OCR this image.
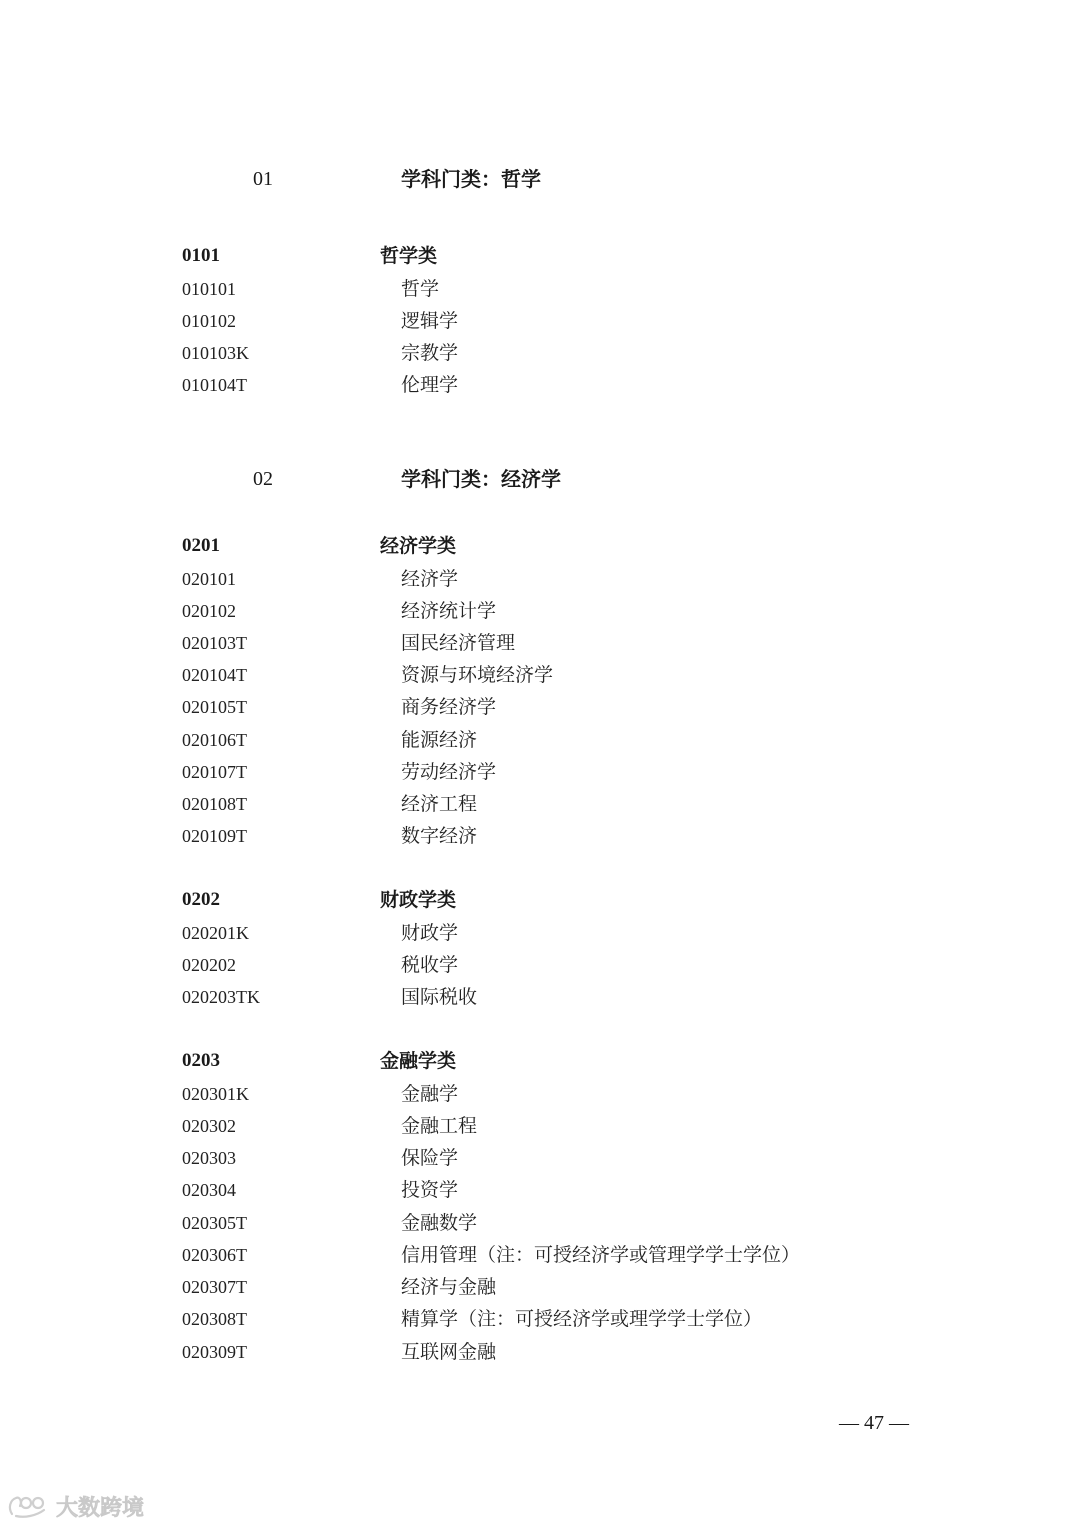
01	学科门类：哲学
0101	哲学类
010101	哲学
010102	逻辑学
010103K	宗教学
010104T	伦理学
02	学科门类：经济学
0201	经济学类
020101	经济学
020102	经济统计学
020103T	国民经济管理
020104T	资源与环境经济学
020105T	商务经济学
020106T	能源经济
020107T	劳动经济学
020108T	经济工程
020109T	数字经济
0202	财政学类
020201K	财政学
020202	税收学
020203TK	国际税收
0203	金融学类
020301K	金融学
020302	金融工程
020303	保险学
020304	投资学
020305T	金融数学
020306T	信用管理（注：可授经济学或管理学学士学位）
020307T	经济与金融
020308T	精算学（注：可授经济学或理学学士学位）
020309T	互联网金融
— 47 —
大数跨境
